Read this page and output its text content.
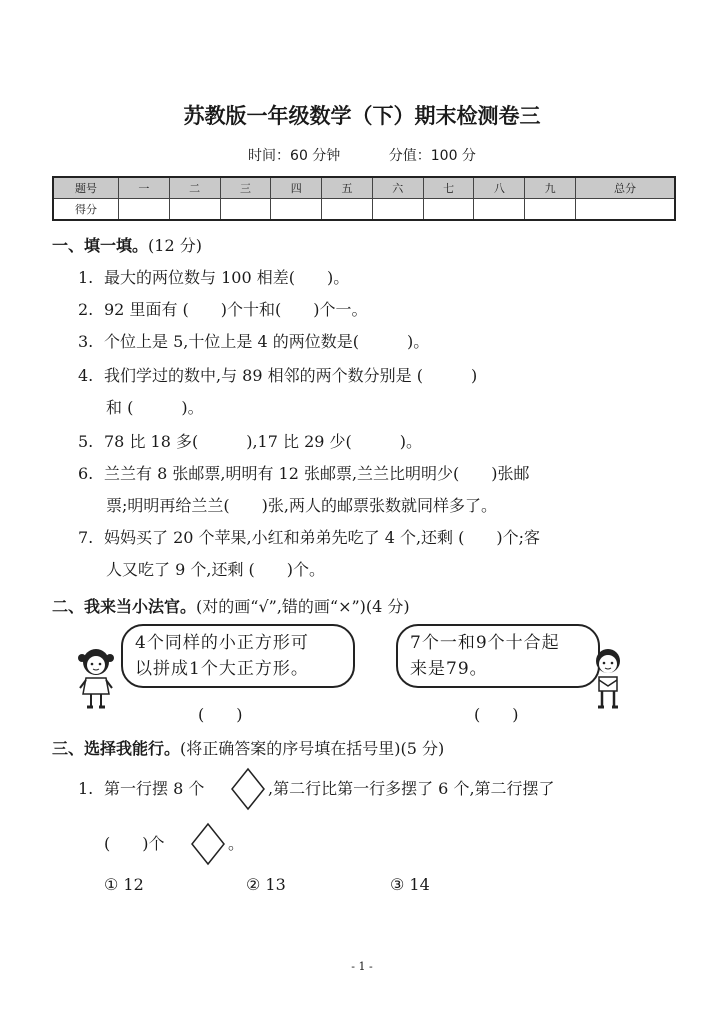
苏教版一年级数学（下）期末检测卷三
时间：60 分钟	分值：100 分
题号	一	二	三	四	五	六	七	八	九	总分
得分										
一、填一填。(12 分)
1. 最大的两位数与 100 相差(　　)。
2. 92 里面有 (　　)个十和(　　)个一。
3. 个位上是 5,十位上是 4 的两位数是(　　　)。
4. 我们学过的数中,与 89 相邻的两个数分别是 (　　　)
和 (　　　)。
5. 78 比 18 多(　　　),17 比 29 少(　　　)。
6. 兰兰有 8 张邮票,明明有 12 张邮票,兰兰比明明少(　　)张邮
票;明明再给兰兰(　　)张,两人的邮票张数就同样多了。
7. 妈妈买了 20 个苹果,小红和弟弟先吃了 4 个,还剩 (　　)个;客
人又吃了 9 个,还剩 (　　)个。
二、我来当小法官。(对的画“√”,错的画“×”)(4 分)
4个同样的小正方形可
以拼成1个大正方形。
7个一和9个十合起
来是79。
(　　)	(　　)
三、选择我能行。(将正确答案的序号填在括号里)(5 分)
1. 第一行摆 8 个	,第二行比第一行多摆了 6 个,第二行摆了
(　　)个	。
① 12	② 13	③ 14
- 1 -
